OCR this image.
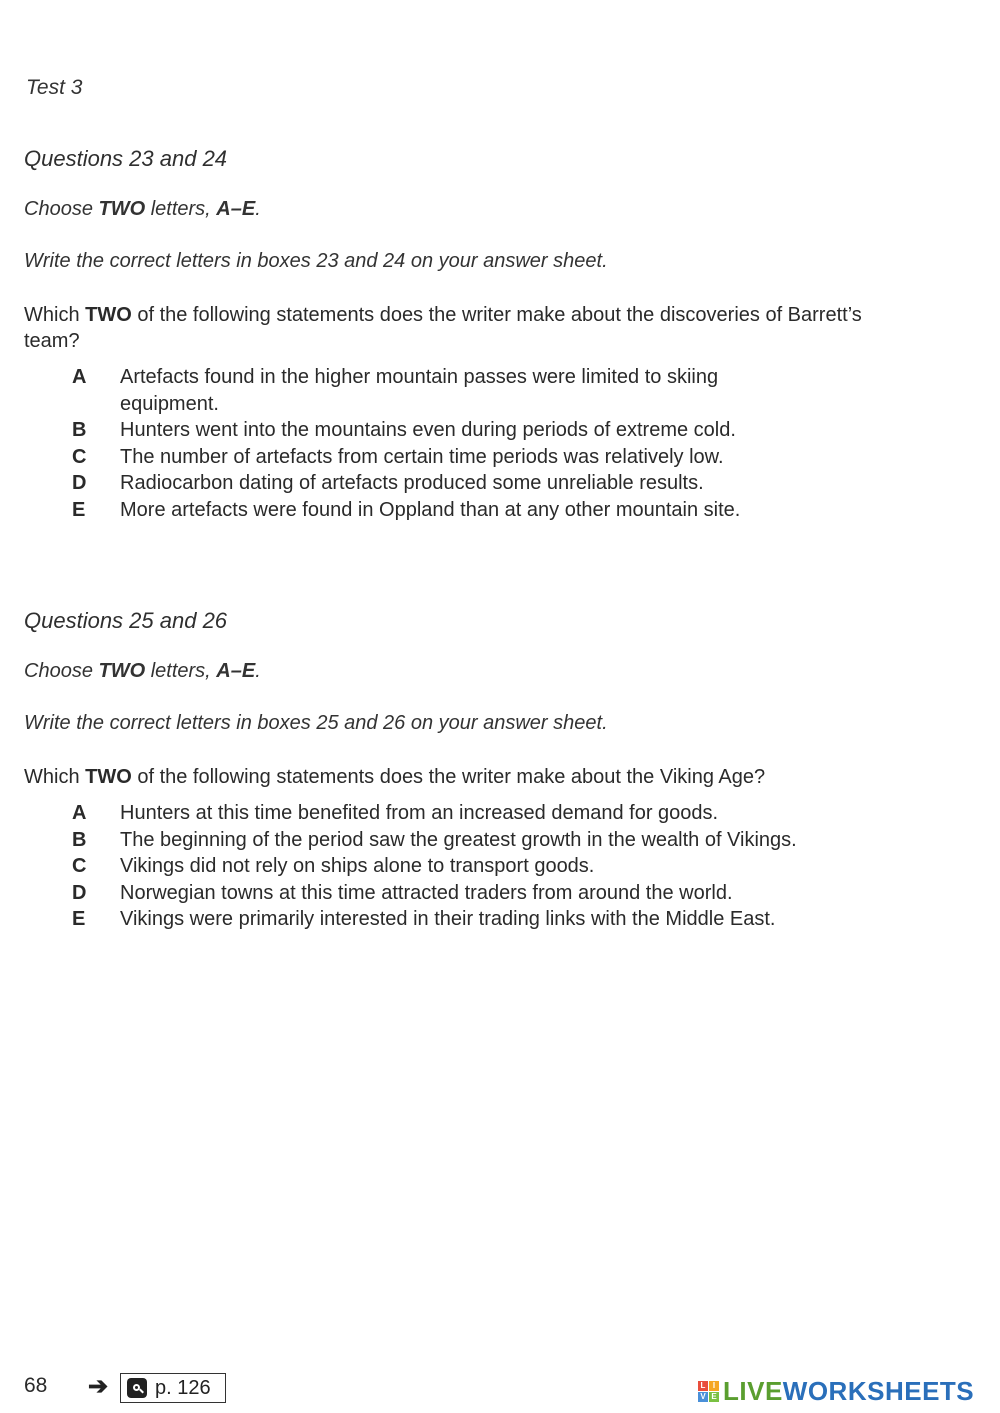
Test 3

Questions 23 and 24

Choose TWO letters, A–E.

Write the correct letters in boxes 23 and 24 on your answer sheet.

Which TWO of the following statements does the writer make about the discoveries of Barrett’s team?

A	Artefacts found in the higher mountain passes were limited to skiing equipment.
B	Hunters went into the mountains even during periods of extreme cold.
C	The number of artefacts from certain time periods was relatively low.
D	Radiocarbon dating of artefacts produced some unreliable results.
E	More artefacts were found in Oppland than at any other mountain site.

Questions 25 and 26

Choose TWO letters, A–E.

Write the correct letters in boxes 25 and 26 on your answer sheet.

Which TWO of the following statements does the writer make about the Viking Age?

A	Hunters at this time benefited from an increased demand for goods.
B	The beginning of the period saw the greatest growth in the wealth of Vikings.
C	Vikings did not rely on ships alone to transport goods.
D	Norwegian towns at this time attracted traders from around the world.
E	Vikings were primarily interested in their trading links with the Middle East.
68 ➔ p. 126	L I
V E LIVEWORKSHEETS
